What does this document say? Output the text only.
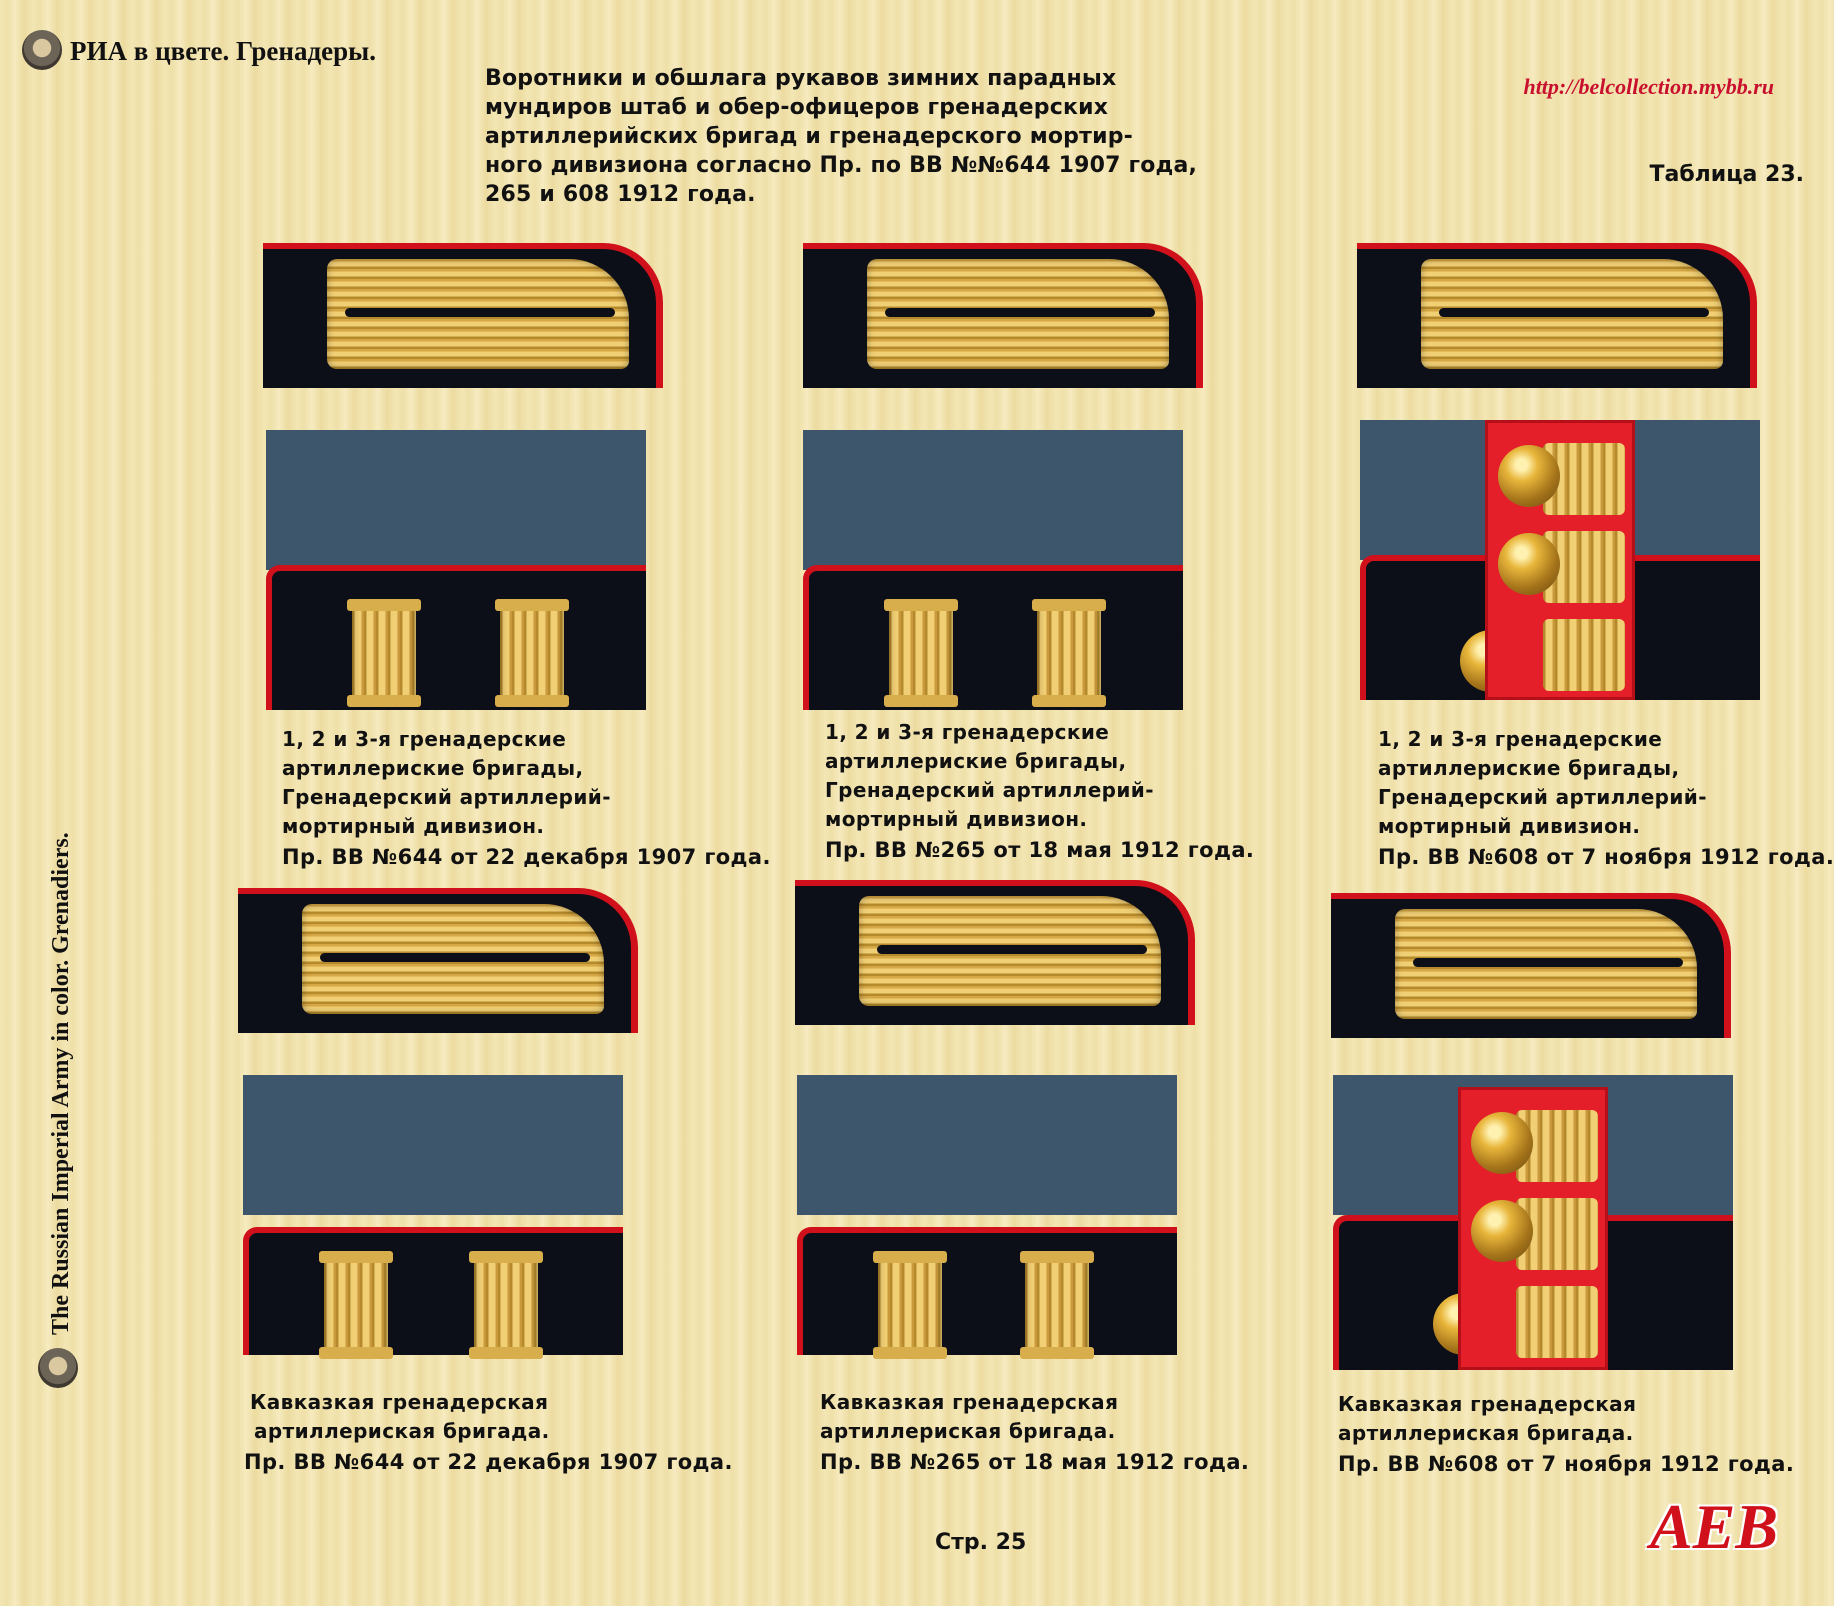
РИА в цвете. Гренадеры.
Воротники и обшлага рукавов зимних парадных
мундиров штаб и обер-офицеров гренадерских
артиллерийских бригад и гренадерского мортир-
ного дивизиона согласно Пр. по ВВ №№644 1907 года,
265 и 608 1912 года.
http://belcollection.mybb.ru
Таблица 23.
The Russian Imperial Army in color. Grenadiers.
1, 2 и 3-я гренадерские
артиллериские бригады,
Гренадерский артиллерий-
мортирный дивизион.
Пр. ВВ №644 от 22 декабря 1907 года.
1, 2 и 3-я гренадерские
артиллериские бригады,
Гренадерский артиллерий-
мортирный дивизион.
Пр. ВВ №265 от 18 мая 1912 года.
1, 2 и 3-я гренадерские
артиллериские бригады,
Гренадерский артиллерий-
мортирный дивизион.
Пр. ВВ №608 от 7 ноября 1912 года.
Кавказкая гренадерская
артиллериская бригада.
Пр. ВВ №644 от 22 декабря 1907 года.
Кавказкая гренадерская
артиллериская бригада.
Пр. ВВ №265 от 18 мая 1912 года.
Кавказкая гренадерская
артиллериская бригада.
Пр. ВВ №608 от 7 ноября 1912 года.
Стр. 25	АЕВ
